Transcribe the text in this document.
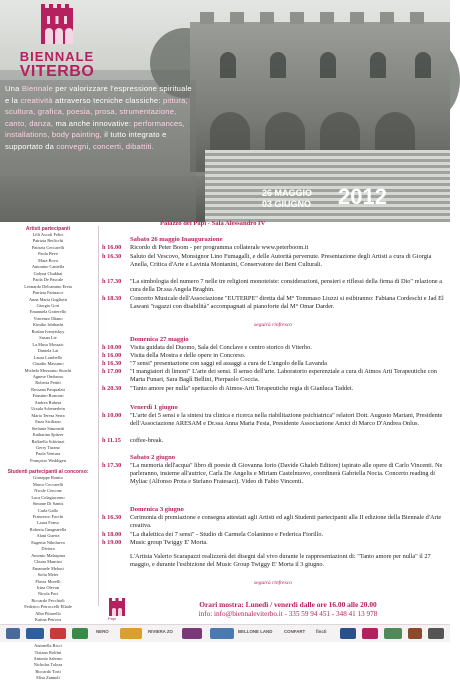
BIENNALE
VITERBO
Una Biennale per valorizzare l'espressione spirituale e la creatività attraverso tecniche classiche: pittura, scultura, grafica, poesia, prosa, strumentazione, canto, danza, ma anche innovative: performances, installations, body painting, il tutto integrato e supportato da convegni, concerti, dibattiti.
26 MAGGIO
03 GIUGNO 2012
Artisti partecipanti
Lilli Ascoli Felici
Patrizia Berlicchi
Patrizia Ceccarelli
Paola Beve
Mara Bova
Antonino Cantella
Galyna Chukhai
Paola De Pascale
Leonardo Delcamino Ereta
Patrizia Farinacci
Anna Maria Gugliotti
Giorgio Gori
Emanuela Gotterello
Vincenzo Illiano
Kimiko Ishibashi
Ruslan Ivanytskyy
Susan Lie
La Musa Mossaic
Daniela Lai
Laura Lombello
Claudio Massimo
Michela Mezzomo Sturchi
Agnese Ombroso
Roberta Pettiti
Rossana Pasqualati
Faustino Ronconi
Andrea Rubera
Ursula Scheuerlein
Maria Teresa Serra
Enza Siciliano
Stefania Simonetti
Katharina Spitzer
Raffaella Schirinzi
Gerry Turano
Paola Ventura
Françoise Weddigen
Studenti partecipanti al concorso:
Giuseppe Bonito
Marco Ceccarelli
Nicole Cercone
Luca Colagiacomo
Simone Di Santis
Carla Gallo
Francesco Facchi
Laura Fonso
Roberta Gnagnarella
Alani Guerra
Eugenia Nikolaeva
Diviera
Antonio Malaspina
Chiara Mancini
Emanuele Meloni
Sofia Meter
Flavia Morelli
Irina Olevan
Nicola Paci
Riccardo Pecchioli
Federico Petroccelli Ellade
Alba Pittarello
Katina Petrova
Antonella Ricci
Tiziano Rolfini
Antonio Salerno
Nicholas Toloza
Riccardo Torti
Elisa Zannoli
Palazzo dei Papi - Sala Alessandro IV
Sabato 26 maggio Inaugurazione
h 16.00	Ricordo di Peter Boom - per programma collaterale www.peterboom.it
h 16.30	Saluto del Vescovo, Monsignor Lino Fumagalli, e delle Autorità pervenute. Presentazione degli Artisti a cura di Giorgia Anella, Critica d'Arte e Lavinia Montanini, Conservatore dei Beni Culturali.
h 17.30	"La simbologia del numero 7 nelle tre religioni monoteiste: considerazioni, pensieri e riflessi della firma di Dio" relazione a cura della Dr.ssa Angela Braghin.
h 18.30	Concerto Musicale dell'Associazione "EUTERPE" diretta dal M° Tommaso Liuzzi si esibiranno: Fabiana Cordeschi e Jad El Lawani "ragazzi con disabilità" accompagnati al pianoforte dal M° Omar Darder.
seguirà rinfresco
Domenica 27 maggio
h 10.00	Visita guidata del Duomo, Sala del Conclave e centro storico di Viterbo.
h 16.00	Visita della Mostra e delle opere in Concorso.
h 16.30	"7 sensi" presentazione con saggi ed assaggi a cura de L'angolo della Lavanda
h 17.00	"I mangiatori di limoni" L'arte dei sensi. Il senso dell'arte. Laboratorio esperenziale a cura di Atmos Arti Terapeutiche con Marta Funari, Sara Baglì Bellini, Pierpaolo Coccia.
h 20.30	"Tanto amore per nulla" spettacolo di Atmos-Arti Terapeutiche regia di Gianluca Taddei.
Venerdì 1 giugno
h 10.00	"L'arte dei 5 sensi e la sintesi tra clinica e ricerca nella riabilitazione psichiatrica" relatori Dott. Augusto Mariani, Presidente dell'Associazione ARESAM e Dr.ssa Anna Maria Festa, Presidente Associazione Amici di Marco D'Andrea Onlus.
h 11.15	coffee-break.
Sabato 2 giugno
h 17.30	"La memoria dell'acqua" libro di poesie di Giovanna Iorio (Davide Ghaleb Editore) ispirato alle opere di Carlo Vincenti. Ne parleranno, insieme all'autrice, Carla De Angelis e Miriam Castelnuovo, coordinerà Gabriella Nocia. Concerto reading di Myliac (Alfonso Prota e Stefano Fratesaci). Video di Fabio Vincenti.
Domenica 3 giugno
h 16.30	Cerimonia di premiazione e consegna attestati agli Artisti ed agli Studenti partecipanti alla II edizione della Biennale d'Arte creativa.
h 18.00	"La dialettica dei 7 sensi" - Studio di Carmela Colaninno e Federica Fiorillo.
h 19.00	Music group Twiggy E' Morta.
L'Artista Valerio Scarapazzi realizzerà dei disegni dal vivo durante le rappresentazioni di: "Tanto amore per nulla" il 27 maggio, e durante l'esibizione del Music Group Twiggy E' Morta il 3 giugno.
seguirà rinfresco
Papi
Orari mostra: Lunedì / venerdì dalle ore 16.00 alle 20.00
info: info@biennaleviterbo.it - 335 59 94 451 - 348 41 13 978
NERO	RIVIERA ZO	BELLONE LAND	CONFART fincti
